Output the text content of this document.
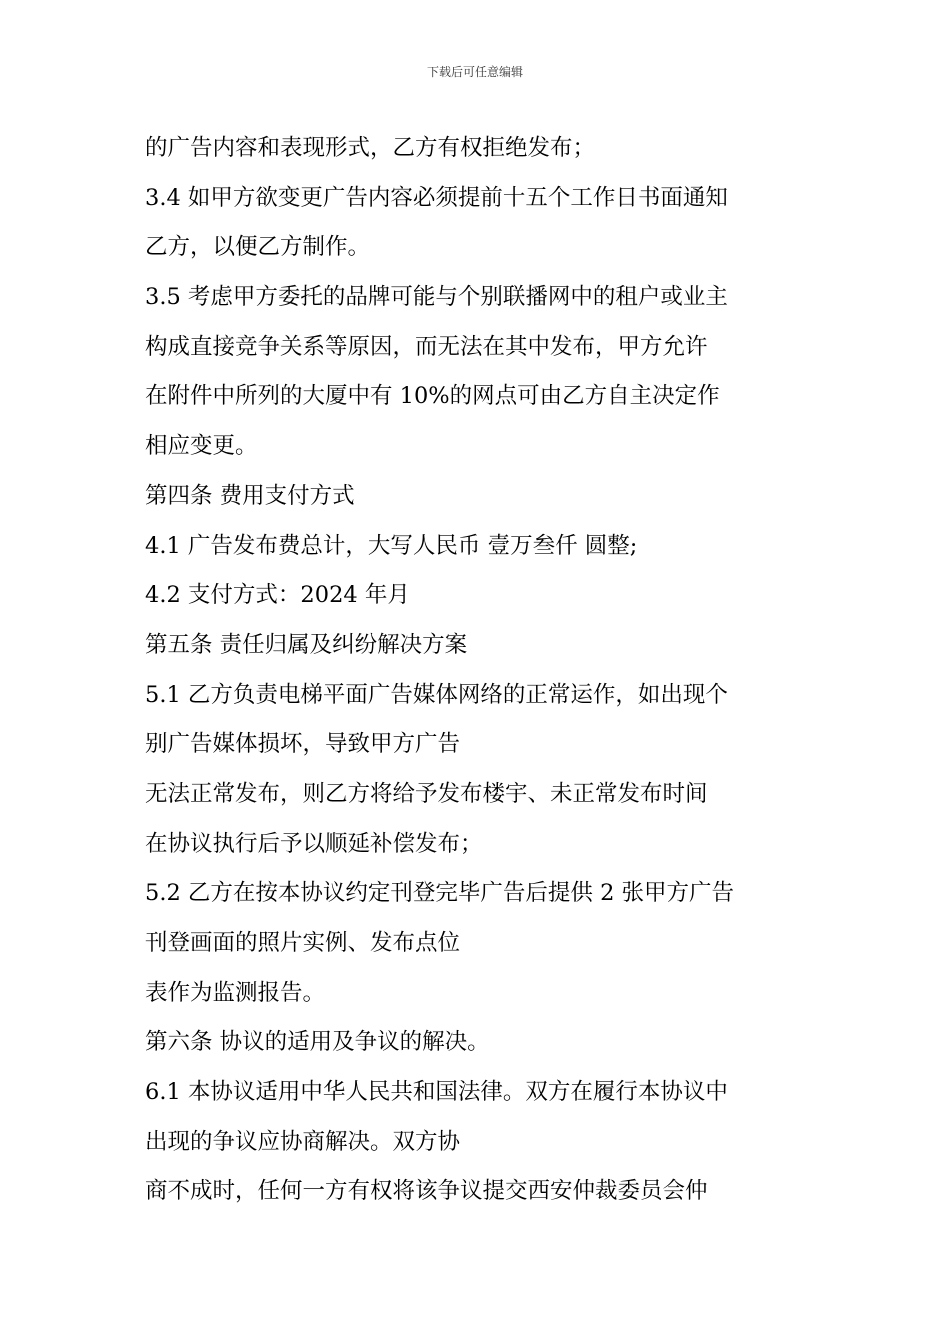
下载后可任意编辑
的广告内容和表现形式，乙方有权拒绝发布；
3.4 如甲方欲变更广告内容必须提前十五个工作日书面通知
乙方，以便乙方制作。
3.5 考虑甲方委托的品牌可能与个别联播网中的租户或业主
构成直接竞争关系等原因，而无法在其中发布，甲方允许
在附件中所列的大厦中有 10%的网点可由乙方自主决定作
相应变更。
第四条 费用支付方式
4.1 广告发布费总计，大写人民币 壹万叁仟 圆整;
4.2 支付方式：2024 年月
第五条 责任归属及纠纷解决方案
5.1 乙方负责电梯平面广告媒体网络的正常运作，如出现个
别广告媒体损坏，导致甲方广告
无法正常发布，则乙方将给予发布楼宇、未正常发布时间
在协议执行后予以顺延补偿发布；
5.2 乙方在按本协议约定刊登完毕广告后提供 2 张甲方广告
刊登画面的照片实例、发布点位
表作为监测报告。
第六条 协议的适用及争议的解决。
6.1 本协议适用中华人民共和国法律。双方在履行本协议中
出现的争议应协商解决。双方协
商不成时，任何一方有权将该争议提交西安仲裁委员会仲
